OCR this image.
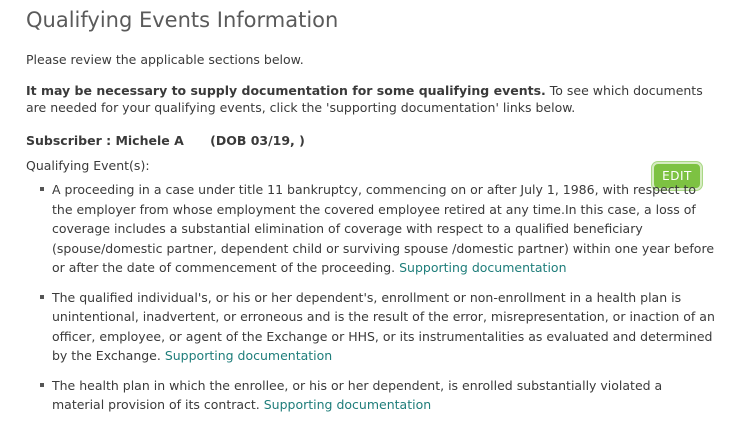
Qualifying Events Information
Please review the applicable sections below.
It may be necessary to supply documentation for some qualifying events. To see which documents are needed for your qualifying events, click the 'supporting documentation' links below.
Subscriber : Michele A (DOB 03/19, )
Qualifying Event(s):
EDIT
A proceeding in a case under title 11 bankruptcy, commencing on or after July 1, 1986, with respect to the employer from whose employment the covered employee retired at any time.In this case, a loss of coverage includes a substantial elimination of coverage with respect to a qualified beneficiary (spouse/domestic partner, dependent child or surviving spouse /domestic partner) within one year before or after the date of commencement of the proceeding. Supporting documentation
The qualified individual's, or his or her dependent's, enrollment or non-enrollment in a health plan is unintentional, inadvertent, or erroneous and is the result of the error, misrepresentation, or inaction of an officer, employee, or agent of the Exchange or HHS, or its instrumentalities as evaluated and determined by the Exchange. Supporting documentation
The health plan in which the enrollee, or his or her dependent, is enrolled substantially violated a material provision of its contract. Supporting documentation
